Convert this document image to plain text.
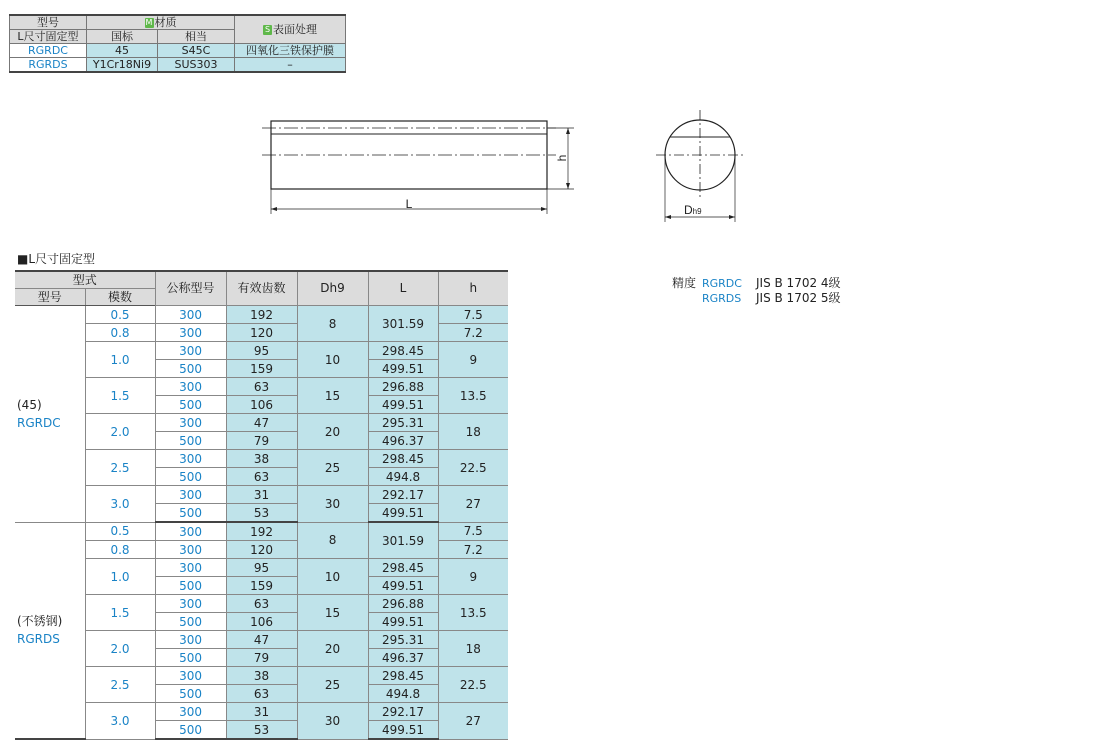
型号	M 材质		S 表面处理
L尺寸固定型	国标	相当	
RGRDC	45	S45C	四氧化三铁保护膜
RGRDS	Y1Cr18Ni9	SUS303	–
L
h
Dh9
■L尺寸固定型
型式		公称型号	有效齿数	Dh9	L	h
型号	模数					

(45)
RGRDC	0.5	300	192	8	301.59	7.5
	0.8	300	120			7.2
	1.0	300	95	10	298.45	9
		500	159		499.51	
	1.5	300	63	15	296.88	13.5
		500	106		499.51	
	2.0	300	47	20	295.31	18
		500	79		496.37	
	2.5	300	38	25	298.45	22.5
		500	63		494.8	
	3.0	300	31	30	292.17	27
		500	53		499.51	

(不锈钢)
RGRDS	0.5	300	192	8	301.59	7.5
	0.8	300	120			7.2
	1.0	300	95	10	298.45	9
		500	159		499.51	
	1.5	300	63	15	296.88	13.5
		500	106		499.51	
	2.0	300	47	20	295.31	18
		500	79		496.37	
	2.5	300	38	25	298.45	22.5
		500	63		494.8	
	3.0	300	31	30	292.17	27
		500	53		499.51	
精度 RGRDC JIS B 1702 4级
RGRDS JIS B 1702 5级
